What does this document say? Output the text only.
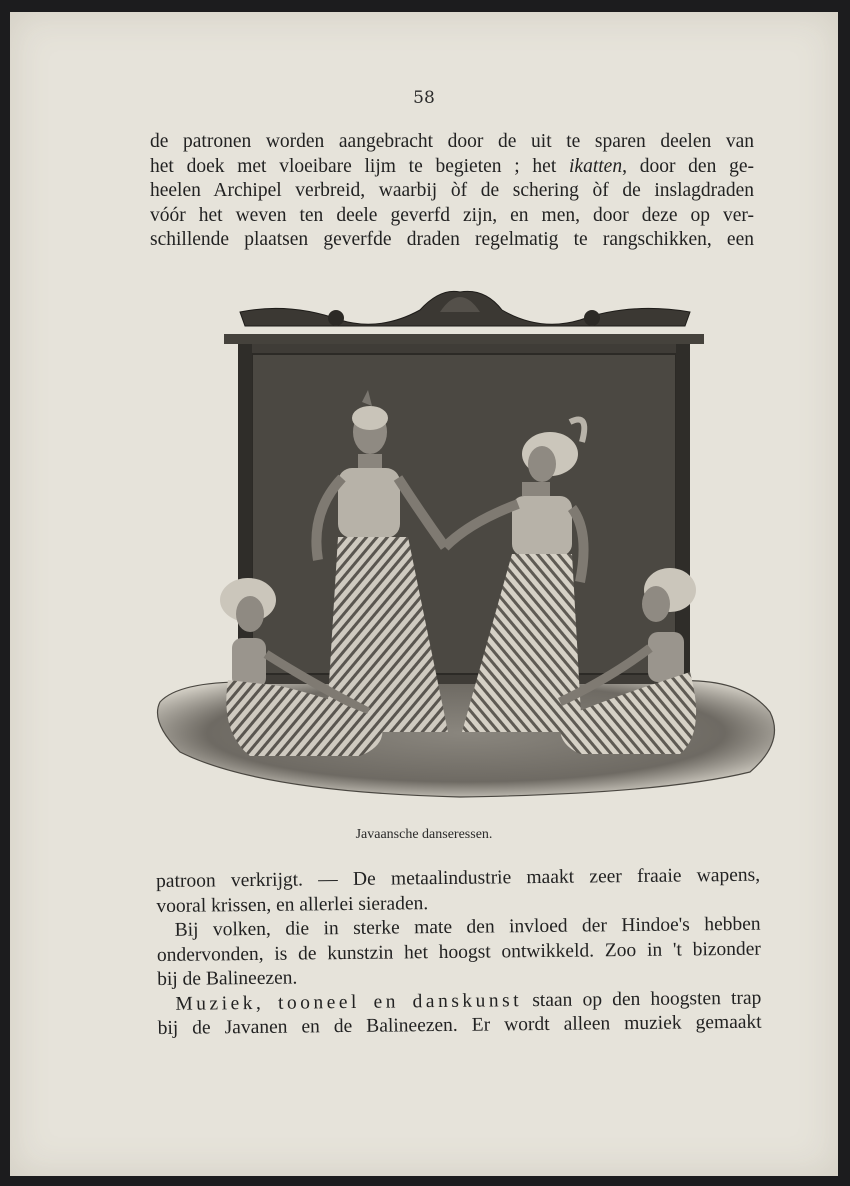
58

de patronen worden aangebracht door de uit te sparen deelen van
het doek met vloeibare lijm te begieten ; het ikatten, door den ge-
heelen Archipel verbreid, waarbij òf de schering òf de inslagdraden
vóór het weven ten deele geverfd zijn, en men, door deze op ver-
schillende plaatsen geverfde draden regelmatig te rangschikken, een

Javaansche danseressen.

patroon verkrijgt. — De metaalindustrie maakt zeer fraaie wapens,
vooral krissen, en allerlei sieraden.
Bij volken, die in sterke mate den invloed der Hindoe's hebben
ondervonden, is de kunstzin het hoogst ontwikkeld. Zoo in 't bizonder
bij de Balineezen.
Muziek, tooneel en danskunst staan op den hoogsten trap
bij de Javanen en de Balineezen. Er wordt alleen muziek gemaakt
